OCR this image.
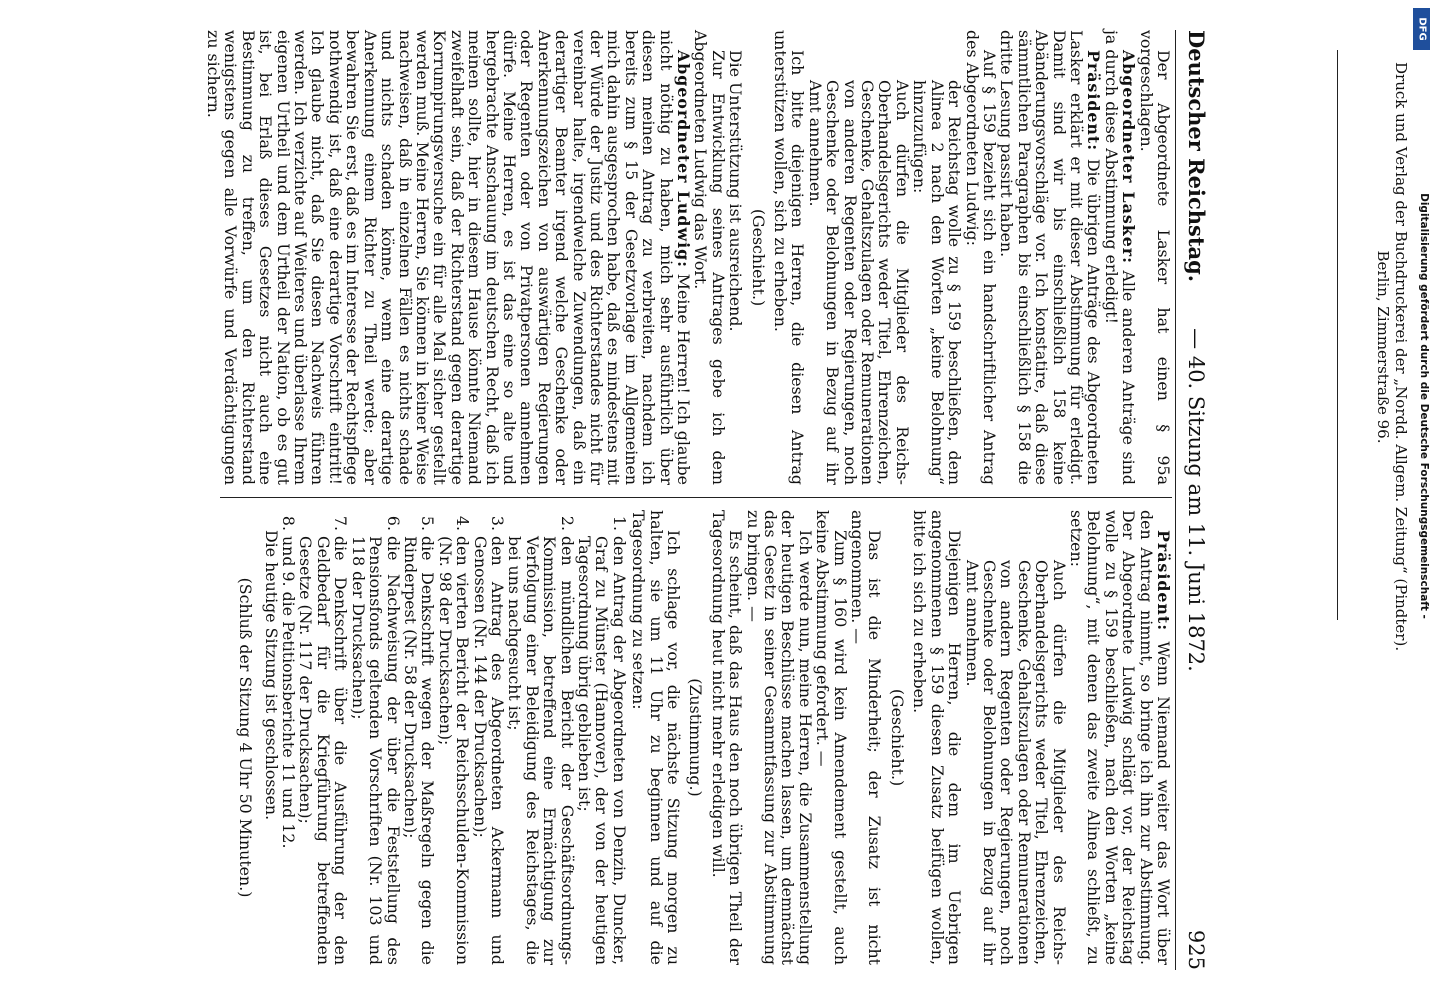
Deutscher Reichstag.
— 40. Sitzung am 11. Juni 1872.
925

Der Abgeordnete Lasker hat einen § 95a vorgeschlagen.

Abgeordneter Lasker: Alle anderen Anträge sind ja durch diese Abstimmung erledigt!

Präsident: Die übrigen Anträge des Abgeordneten Lasker erklärt er mit dieser Abstimmung für erledigt. Damit sind wir bis einschließlich 158 keine Abänderungsvorschläge vor. Ich konstatire, daß diese sämmtlichen Paragraphen bis einschließlich § 158 die dritte Lesung passirt haben.

Auf § 159 bezieht sich ein handschriftlicher Antrag des Abgeordneten Ludwig:

der Reichstag wolle zu § 159 beschließen, dem Alinea 2 nach den Worten „keine Belohnung“ hinzuzufügen:

Auch dürfen die Mitglieder des Reichs-Oberhandelsgerichts weder Titel, Ehrenzeichen, Geschenke, Gehaltszulagen oder Remunerationen von anderen Regenten oder Regierungen, noch Geschenke oder Belohnungen in Bezug auf ihr Amt annehmen.

Ich bitte diejenigen Herren, die diesen Antrag unterstützen wollen, sich zu erheben.

(Geschieht.)

Die Unterstützung ist ausreichend.

Zur Entwicklung seines Antrages gebe ich dem Abgeordneten Ludwig das Wort.

Abgeordneter Ludwig: Meine Herren! Ich glaube nicht nöthig zu haben, mich sehr ausführlich über diesen meinen Antrag zu verbreiten, nachdem ich bereits zum § 15 der Gesetzvorlage im Allgemeinen mich dahin ausgesprochen habe, daß es mindestens mit der Würde der Justiz und des Richterstandes nicht für vereinbar halte, irgendwelche Zuwendungen, daß ein derartiger Beamter irgend welche Geschenke oder Anerkennungszeichen von auswärtigen Regierungen oder Regenten oder von Privatpersonen annehmen dürfe. Meine Herren, es ist das eine so alte und hergebrachte Anschauung im deutschen Recht, daß ich meinen sollte, hier in diesem Hause könnte Niemand zweifelhaft sein, daß der Richterstand gegen derartige Korrumpirungsversuche ein für alle Mal sicher gestellt werden muß. Meine Herren, Sie können in keiner Weise nachweisen, daß in einzelnen Fällen es nichts schade und nichts schaden könne, wenn eine derartige Anerkennung einem Richter zu Theil werde; aber bewahren Sie erst, daß es im Interesse der Rechtspflege nothwendig ist, daß eine derartige Vorschrift eintritt! Ich glaube nicht, daß Sie diesen Nachweis führen werden. Ich verzichte auf Weiteres und überlasse Ihrem eigenen Urtheil und dem Urtheil der Nation, ob es gut ist, bei Erlaß dieses Gesetzes nicht auch eine Bestimmung zu treffen, um den Richterstand wenigstens gegen alle Vorwürfe und Verdächtigungen zu sichern.

Präsident: Wenn Niemand weiter das Wort über den Antrag nimmt, so bringe ich ihn zur Abstimmung. Der Abgeordnete Ludwig schlägt vor, der Reichstag wolle zu § 159 beschließen, nach den Worten „keine Belohnung“, mit denen das zweite Alinea schließt, zu setzen:

Auch dürfen die Mitglieder des Reichs-Oberhandelsgerichts weder Titel, Ehrenzeichen, Geschenke, Gehaltszulagen oder Remunerationen von andern Regenten oder Regierungen, noch Geschenke oder Belohnungen in Bezug auf ihr Amt annehmen.

Diejenigen Herren, die dem im Uebrigen angenommenen § 159 diesen Zusatz beifügen wollen, bitte ich sich zu erheben.

(Geschieht.)

Das ist die Minderheit; der Zusatz ist nicht angenommen. —

Zum § 160 wird kein Amendement gestellt, auch keine Abstimmung gefordert. —

Ich werde nun, meine Herren, die Zusammenstellung der heutigen Beschlüsse machen lassen, um demnächst das Gesetz in seiner Gesammtfassung zur Abstimmung zu bringen. —

Es scheint, daß das Haus den noch übrigen Theil der Tagesordnung heut nicht mehr erledigen will.

(Zustimmung.)

Ich schlage vor, die nächste Sitzung morgen zu halten, sie um 11 Uhr zu beginnen und auf die Tagesordnung zu setzen:

1. den Antrag der Abgeordneten von Denzin, Duncker, Graf zu Münster (Hannover), der von der heutigen Tagesordnung übrig geblieben ist;
2. den mündlichen Bericht der Geschäftsordnungs-Kommission, betreffend eine Ermächtigung zur Verfolgung einer Beleidigung des Reichstages, die bei uns nachgesucht ist;
3. den Antrag des Abgeordneten Ackermann und Genossen (Nr. 144 der Drucksachen);
4. den vierten Bericht der Reichsschulden-Kommission (Nr. 98 der Drucksachen);
5. die Denkschrift wegen der Maßregeln gegen die Rinderpest (Nr. 58 der Drucksachen);
6. die Nachweisung der über die Feststellung des Pensionsfonds geltenden Vorschriften (Nr. 103 und 118 der Drucksachen);
7. die Denkschrift über die Ausführung der den Geldbedarf für die Kriegführung betreffenden Gesetze (Nr. 117 der Drucksachen);
8. und 9. die Petitionsberichte 11 und 12.

Die heutige Sitzung ist geschlossen.

(Schluß der Sitzung 4 Uhr 50 Minuten.)

Druck und Verlag der Buchdruckerei der „Nordd. Allgem. Zeitung“ (Pindter).
Berlin, Zimmerstraße 96. Digitalisierung gefördert durch die Deutsche Forschungsgemeinschaft -
DFG
